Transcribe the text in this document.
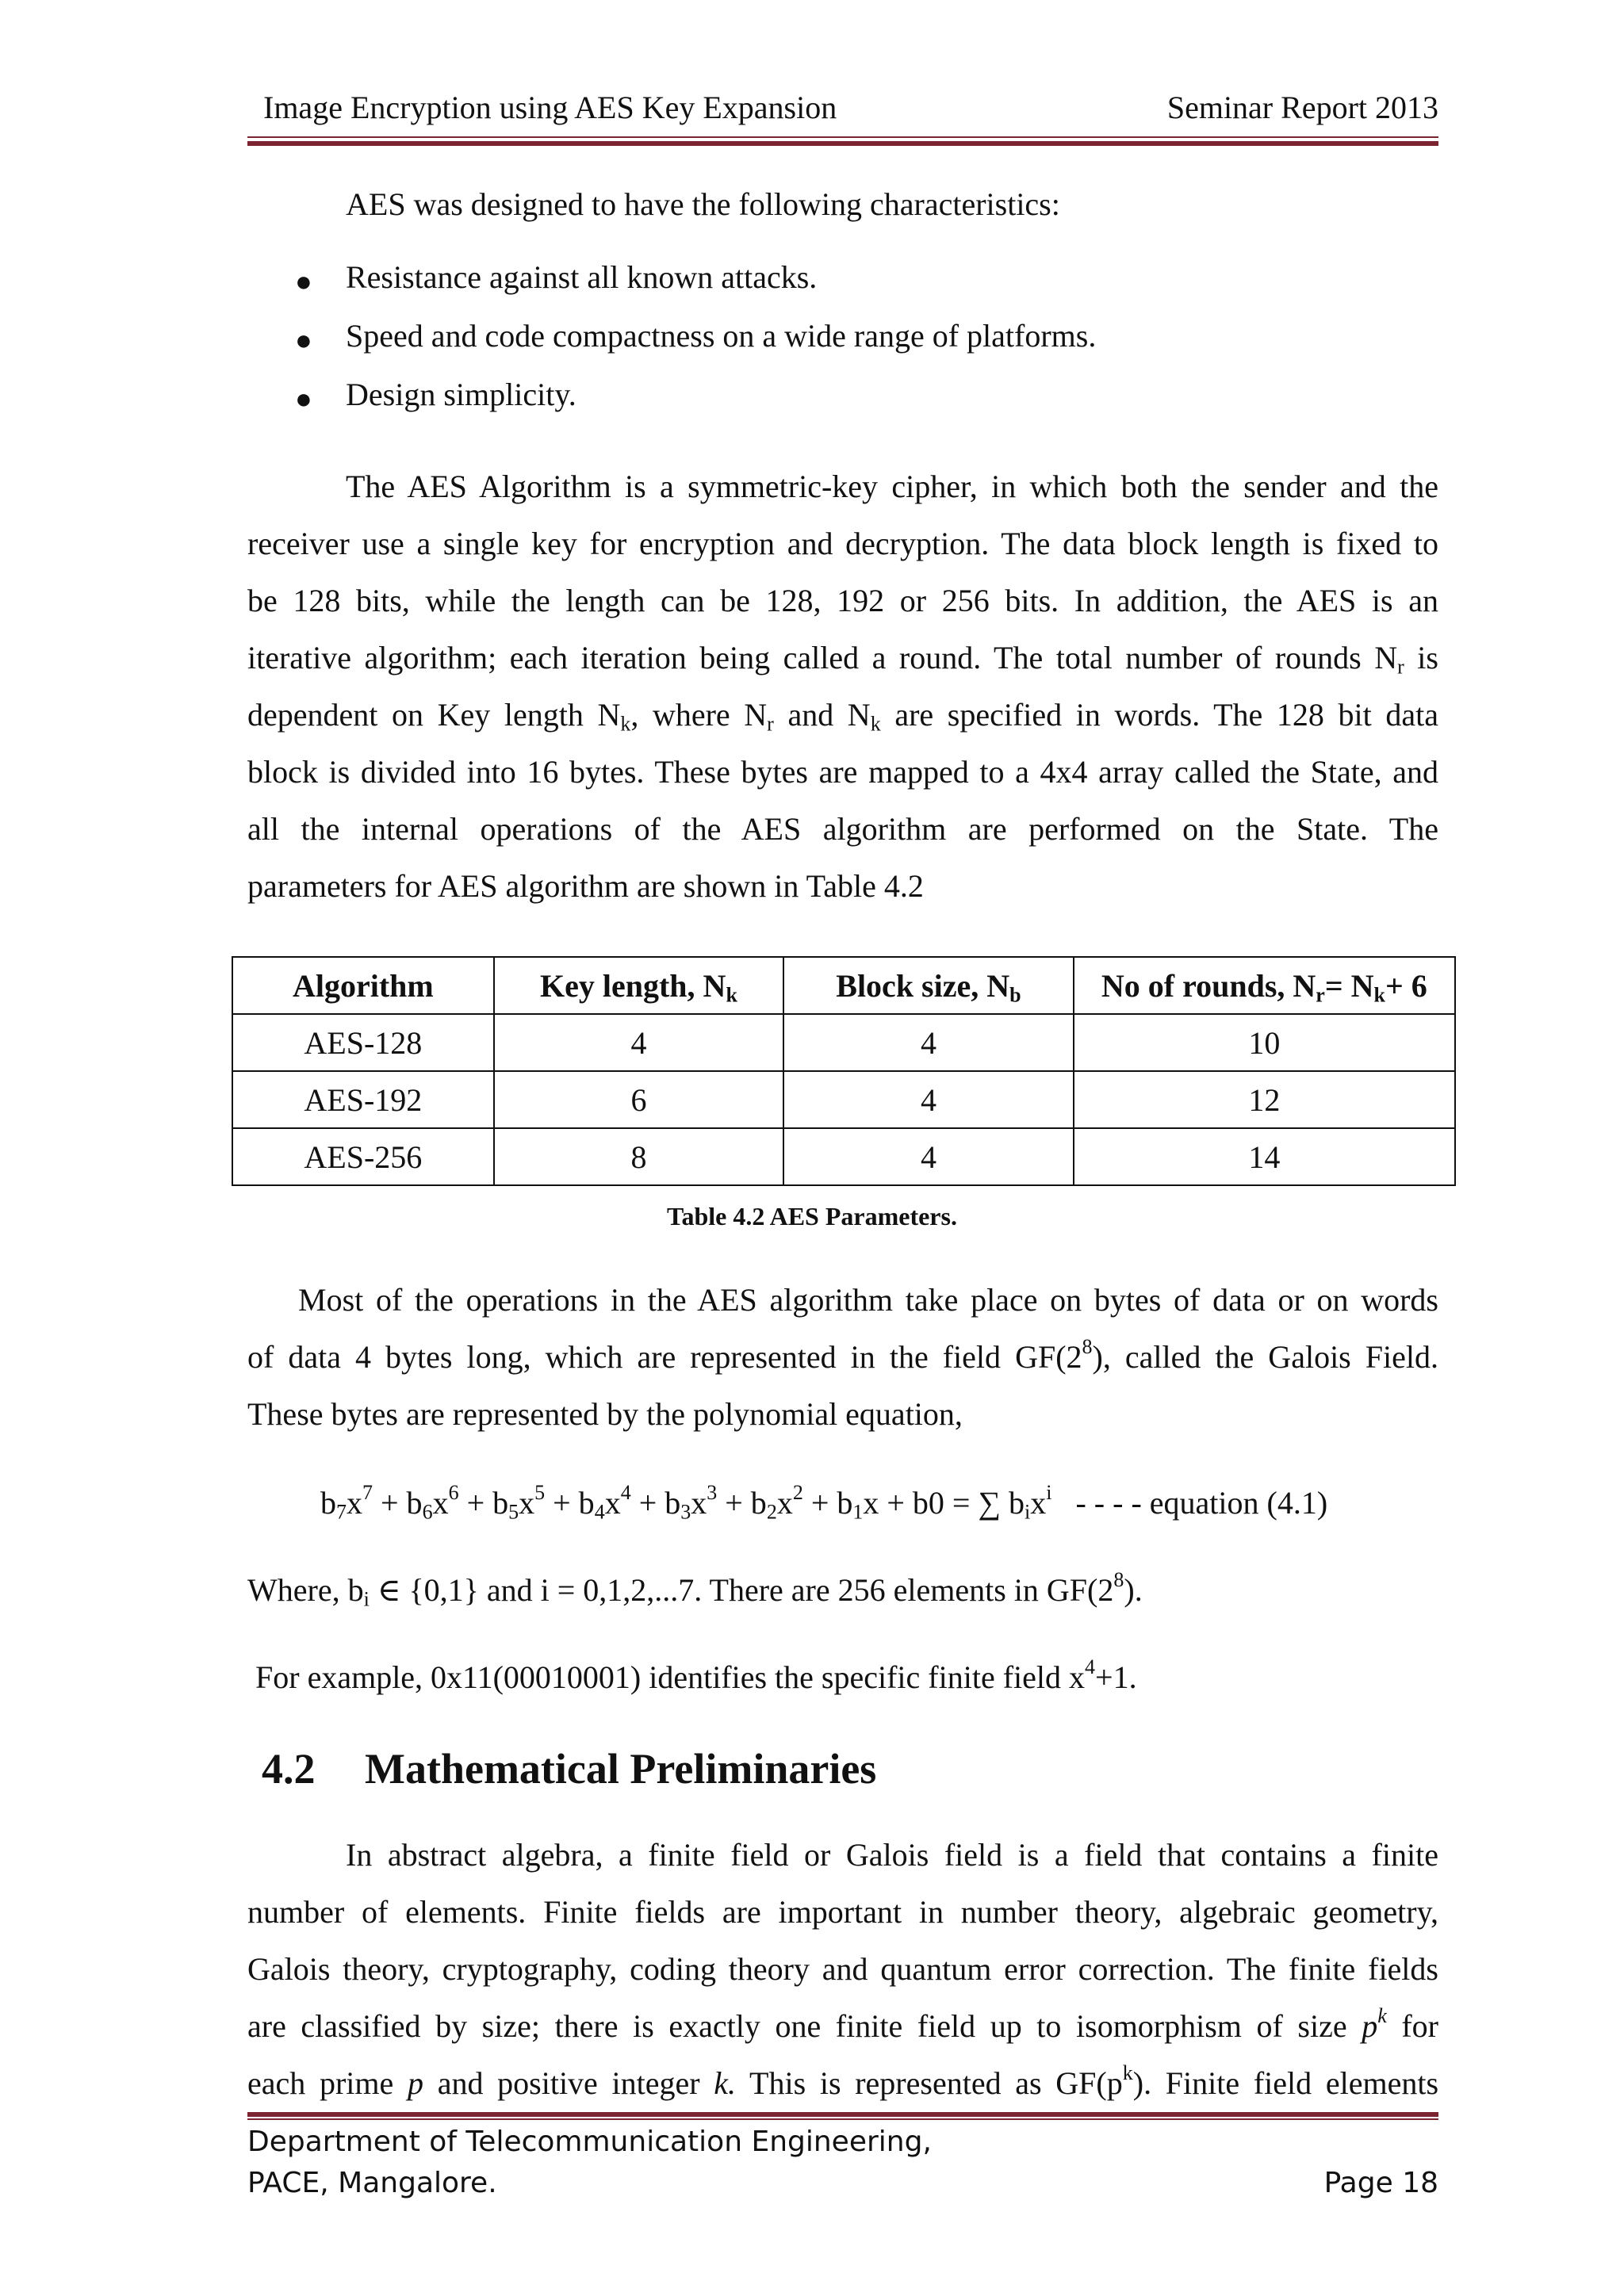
Image Encryption using AES Key Expansion	Seminar Report 2013
AES was designed to have the following characteristics:
● Resistance against all known attacks.
● Speed and code compactness on a wide range of platforms.
● Design simplicity.
The AES Algorithm is a symmetric-key cipher, in which both the sender and the
receiver use a single key for encryption and decryption. The data block length is fixed to
be 128 bits, while the length can be 128, 192 or 256 bits. In addition, the AES is an
iterative algorithm; each iteration being called a round. The total number of rounds $N_r$ is
dependent on Key length $N_k$, where $N_r$ and $N_k$ are specified in words. The 128 bit data
block is divided into 16 bytes. These bytes are mapped to a 4x4 array called the State, and
all the internal operations of the AES algorithm are performed on the State. The
parameters for AES algorithm are shown in Table 4.2
Algorithm	Key length, $N_k$	Block size, $N_b$	No of rounds, $N_r= N_k+ 6$
AES-128	4	4	10
AES-192	6	4	12
AES-256	8	4	14
Table 4.2 AES Parameters.
Most of the operations in the AES algorithm take place on bytes of data or on words
of data 4 bytes long, which are represented in the field $GF(2^8)$, called the Galois Field.
These bytes are represented by the polynomial equation,
$b_7x^7 + b_6x^6 + b_5x^5 + b_4x^4 + b_3x^3 + b_2x^2 + b_1x + b0$ = ∑ $b_ix^i$ - - - - equation (4.1)
Where, $b_i$ ∈ {0,1} and i = 0,1,2,...7. There are 256 elements in $GF(2^8)$.
For example, 0x11(00010001) identifies the specific finite field $x^4+1$.
4.2 Mathematical Preliminaries
In abstract algebra, a finite field or Galois field is a field that contains a finite
number of elements. Finite fields are important in number theory, algebraic geometry,
Galois theory, cryptography, coding theory and quantum error correction. The finite fields
are classified by size; there is exactly one finite field up to isomorphism of size $p^k$ for
each prime p and positive integer k. This is represented as $GF(p^k)$. Finite field elements
Department of Telecommunication Engineering,
PACE, Mangalore.	Page 18
